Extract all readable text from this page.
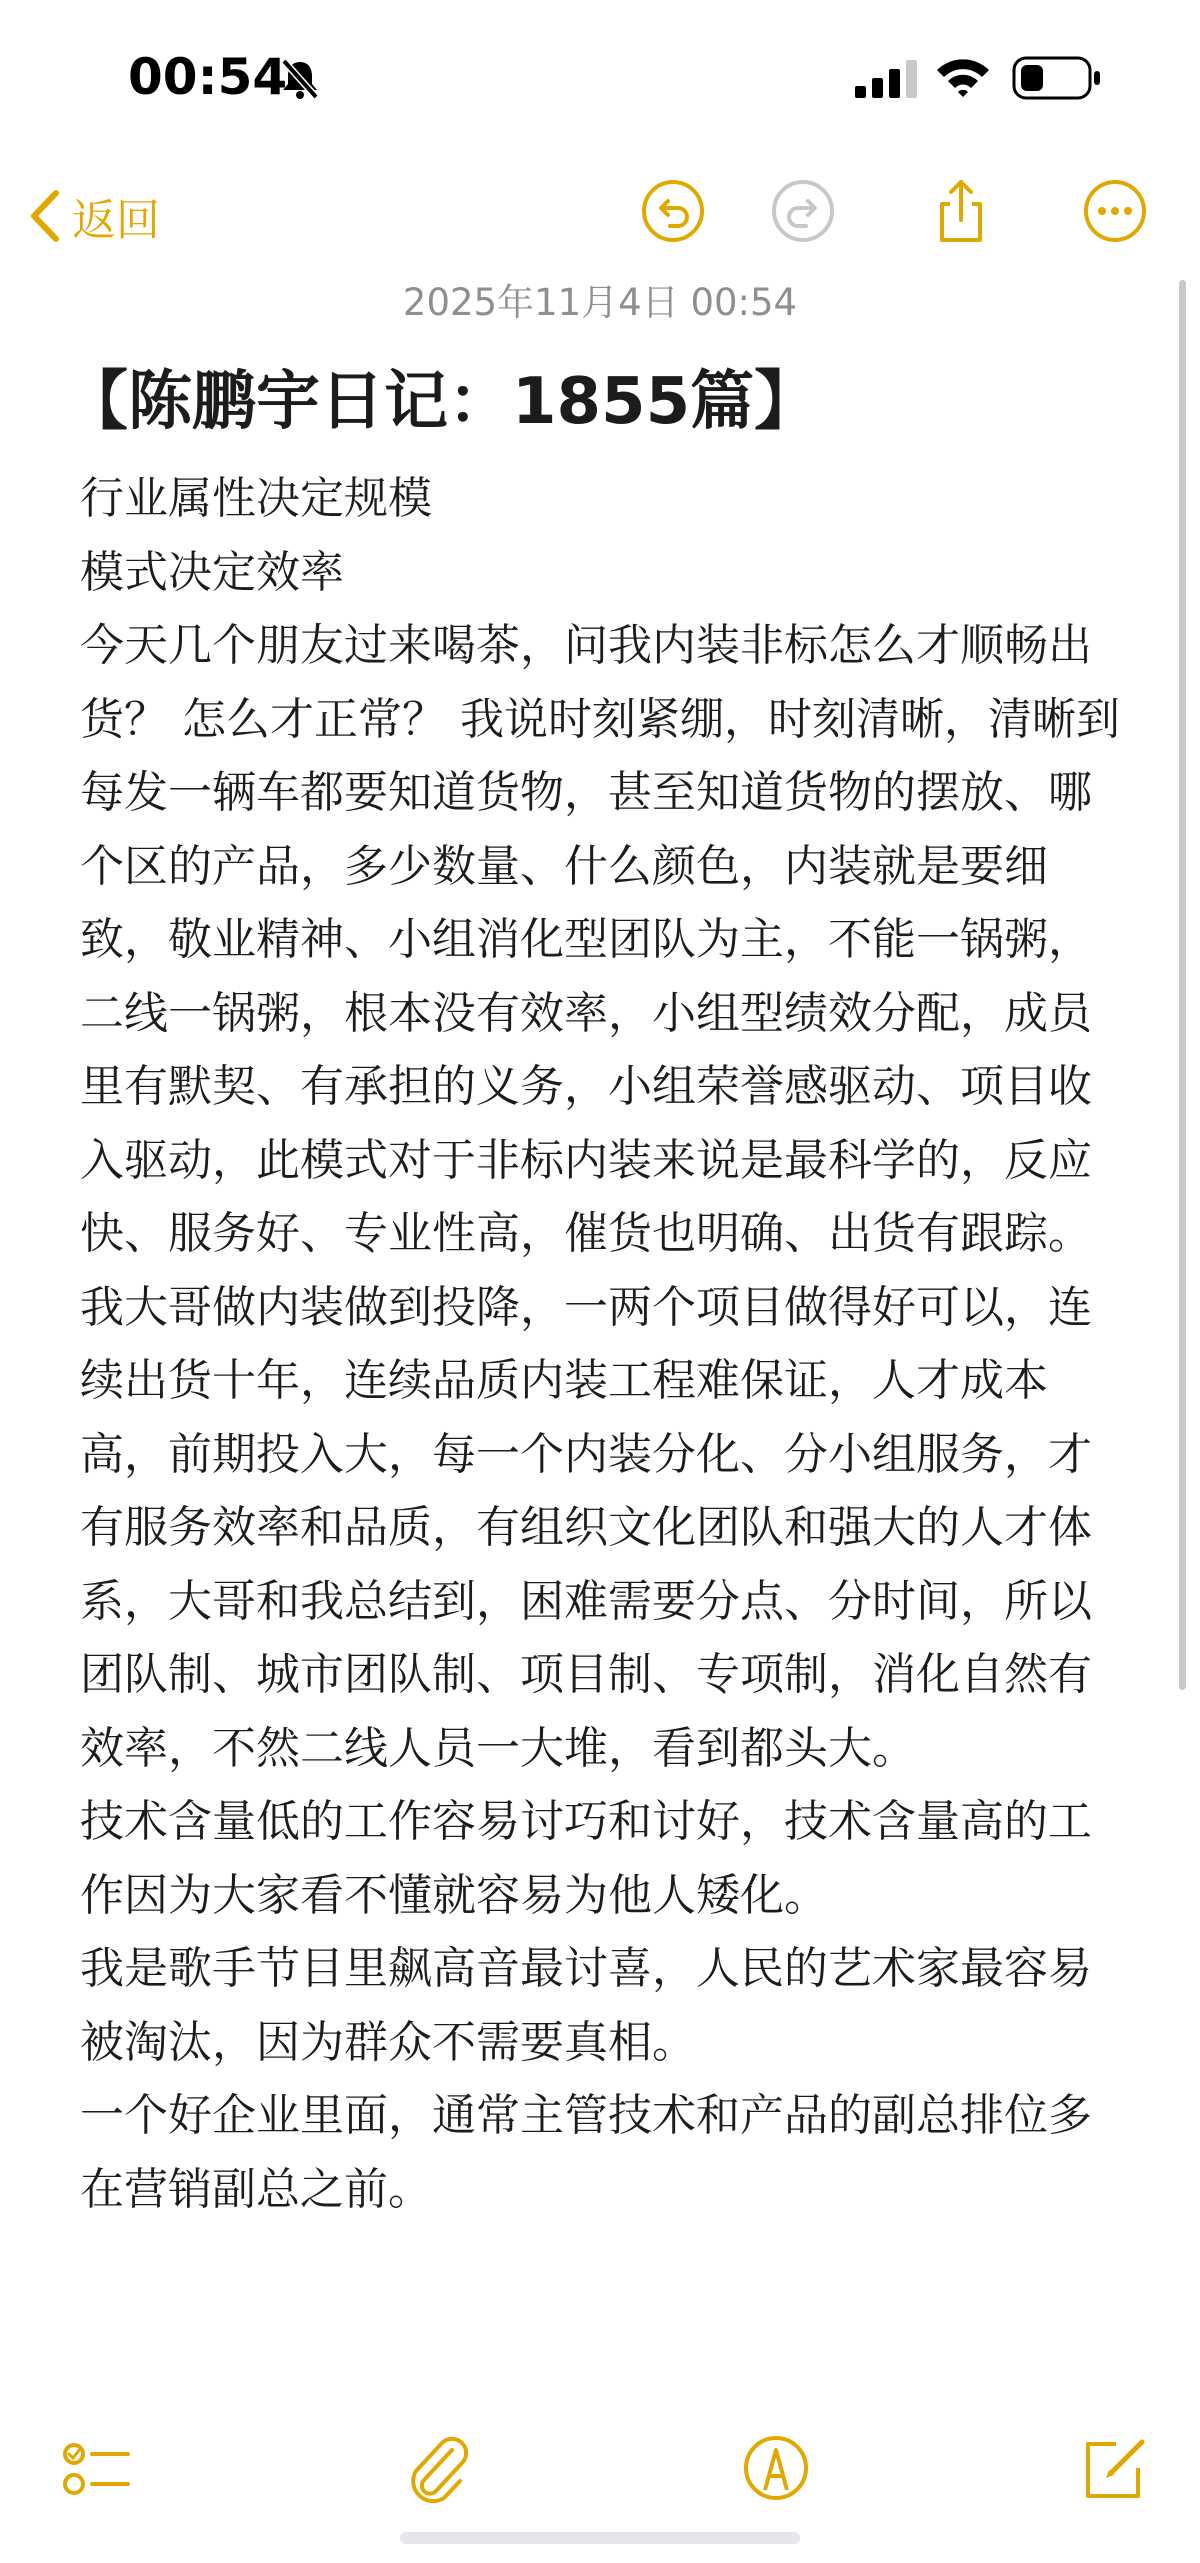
00:54
返回
2025年11月4日 00:54
【陈鹏宇日记：1855篇】

行业属性决定规模

模式决定效率

今天几个朋友过来喝茶，问我内装非标怎么才顺畅出货？ 怎么才正常？ 我说时刻紧绷，时刻清晰，清晰到每发一辆车都要知道货物，甚至知道货物的摆放、哪个区的产品，多少数量、什么颜色，内装就是要细致，敬业精神、小组消化型团队为主，不能一锅粥，二线一锅粥，根本没有效率，小组型绩效分配，成员里有默契、有承担的义务，小组荣誉感驱动、项目收入驱动，此模式对于非标内装来说是最科学的，反应快、服务好、专业性高，催货也明确、出货有跟踪。

我大哥做内装做到投降，一两个项目做得好可以，连续出货十年，连续品质内装工程难保证，人才成本高，前期投入大，每一个内装分化、分小组服务，才有服务效率和品质，有组织文化团队和强大的人才体系，大哥和我总结到，困难需要分点、分时间，所以团队制、城市团队制、项目制、专项制，消化自然有效率，不然二线人员一大堆，看到都头大。

技术含量低的工作容易讨巧和讨好，技术含量高的工作因为大家看不懂就容易为他人矮化。

我是歌手节目里飙高音最讨喜，人民的艺术家最容易被淘汰，因为群众不需要真相。

一个好企业里面，通常主管技术和产品的副总排位多在营销副总之前。
